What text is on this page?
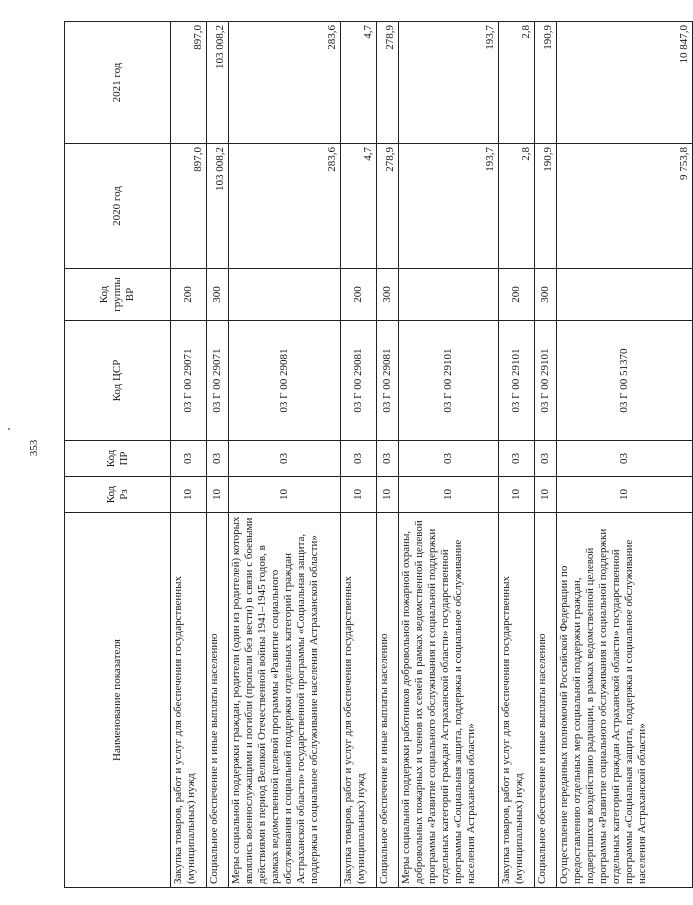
353
Наименование показателя	Код Рз	Код ПР	Код ЦСР	Код группы ВР	2020 год	2021 год
Закупка товаров, работ и услуг для обеспечения государственных (муниципальных) нужд	10	03	03 Г 00 29071	200	897,0	897,0
Социальное обеспечение и иные выплаты населению	10	03	03 Г 00 29071	300	103 008,2	103 008,2
Меры социальной поддержки граждан, родители (один из родителей) которых являлись военнослужащими и погибли (пропали без вести) в связи с боевыми действиями в период Великой Отечественной войны 1941–1945 годов, в рамках ведомственной целевой программы «Развитие социального обслуживания и социальной поддержки отдельных категорий граждан Астраханской области» государственной программы «Социальная защита, поддержка и социальное обслуживание населения Астраханской области»	10	03	03 Г 00 29081		283,6	283,6
Закупка товаров, работ и услуг для обеспечения государственных (муниципальных) нужд	10	03	03 Г 00 29081	200	4,7	4,7
Социальное обеспечение и иные выплаты населению	10	03	03 Г 00 29081	300	278,9	278,9
Меры социальной поддержки работников добровольной пожарной охраны, добровольных пожарных и членов их семей в рамках ведомственной целевой программы «Развитие социального обслуживания и социальной поддержки отдельных категорий граждан Астраханской области» государственной программы «Социальная защита, поддержка и социальное обслуживание населения Астраханской области»	10	03	03 Г 00 29101		193,7	193,7
Закупка товаров, работ и услуг для обеспечения государственных (муниципальных) нужд	10	03	03 Г 00 29101	200	2,8	2,8
Социальное обеспечение и иные выплаты населению	10	03	03 Г 00 29101	300	190,9	190,9
Осуществление переданных полномочий Российской Федерации по предоставлению отдельных мер социальной поддержки граждан, подвергшихся воздействию радиации, в рамках ведомственной целевой программы «Развитие социального обслуживания и социальной поддержки отдельных категорий граждан Астраханской области» государственной программы «Социальная защита, поддержка и социальное обслуживание населения Астраханской области»	10	03	03 Г 00 51370		9 753,8	10 847,0
